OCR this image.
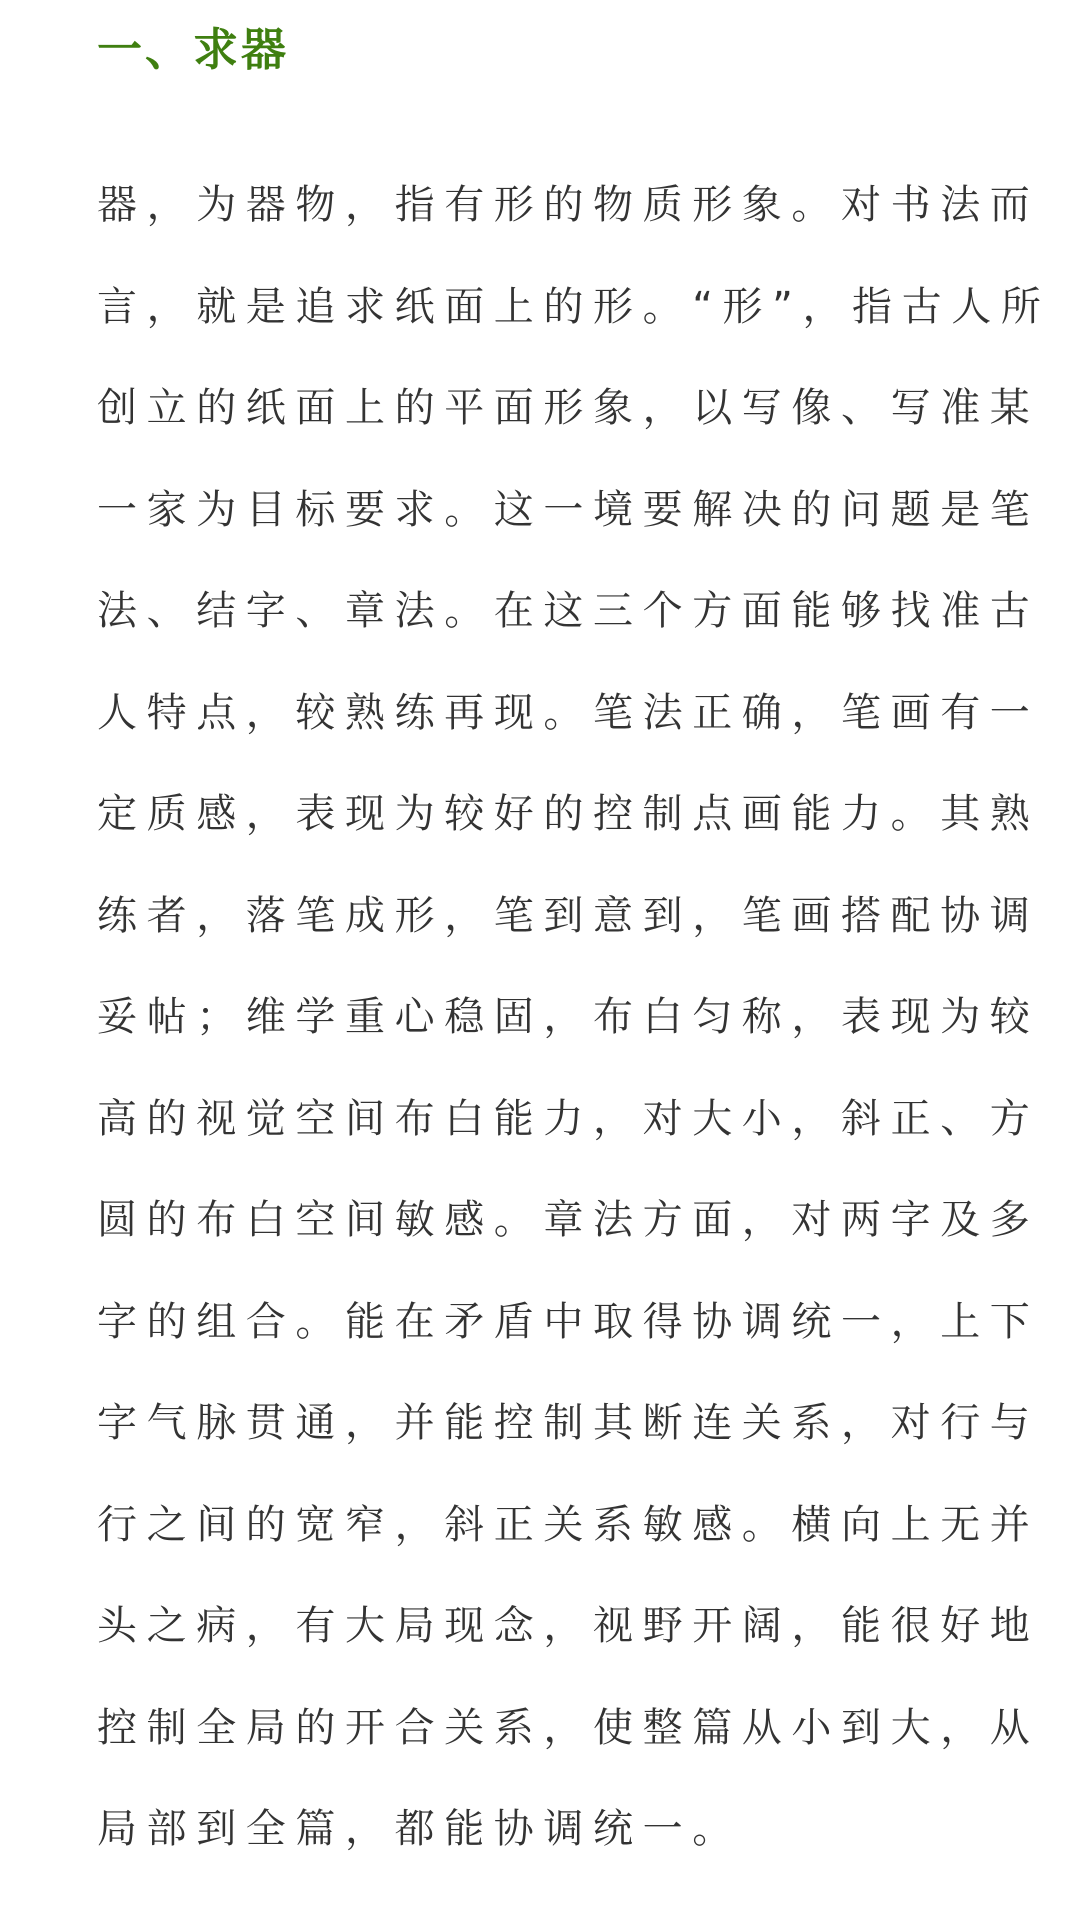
一、求器
器，为器物，指有形的物质形象。对书法而
言，就是追求纸面上的形。“形”，指古人所
创立的纸面上的平面形象，以写像、写准某
一家为目标要求。这一境要解决的问题是笔
法、结字、章法。在这三个方面能够找准古
人特点，较熟练再现。笔法正确，笔画有一
定质感，表现为较好的控制点画能力。其熟
练者，落笔成形，笔到意到，笔画搭配协调
妥帖；维学重心稳固，布白匀称，表现为较
高的视觉空间布白能力，对大小，斜正、方
圆的布白空间敏感。章法方面，对两字及多
字的组合。能在矛盾中取得协调统一，上下
字气脉贯通，并能控制其断连关系，对行与
行之间的宽窄，斜正关系敏感。横向上无并
头之病，有大局现念，视野开阔，能很好地
控制全局的开合关系，使整篇从小到大，从
局部到全篇，都能协调统一。
